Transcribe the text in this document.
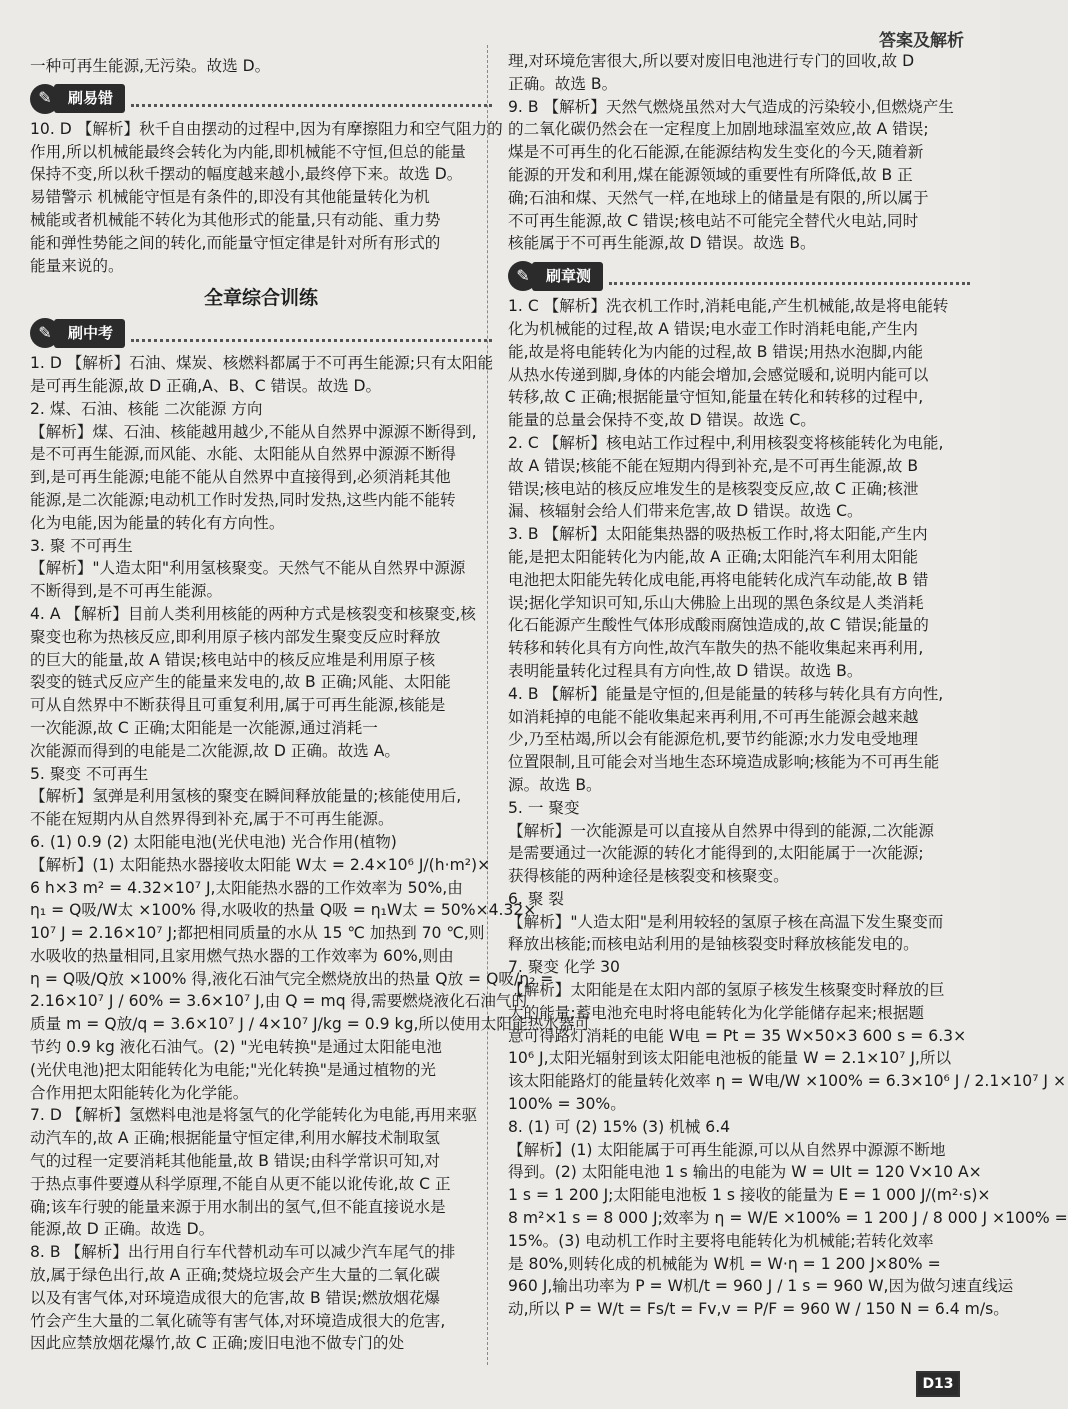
答案及解析
一种可再生能源,无污染。故选 D。
✎	刷易错
10. D 【解析】秋千自由摆动的过程中,因为有摩擦阻力和空气阻力的
作用,所以机械能最终会转化为内能,即机械能不守恒,但总的能量
保持不变,所以秋千摆动的幅度越来越小,最终停下来。故选 D。
易错警示 机械能守恒是有条件的,即没有其他能量转化为机
械能或者机械能不转化为其他形式的能量,只有动能、重力势
能和弹性势能之间的转化,而能量守恒定律是针对所有形式的
能量来说的。
全章综合训练
✎	刷中考
1. D 【解析】石油、煤炭、核燃料都属于不可再生能源;只有太阳能
是可再生能源,故 D 正确,A、B、C 错误。故选 D。
2. 煤、石油、核能 二次能源 方向
【解析】煤、石油、核能越用越少,不能从自然界中源源不断得到,
是不可再生能源,而风能、水能、太阳能从自然界中源源不断得
到,是可再生能源;电能不能从自然界中直接得到,必须消耗其他
能源,是二次能源;电动机工作时发热,同时发热,这些内能不能转
化为电能,因为能量的转化有方向性。
3. 聚 不可再生
【解析】"人造太阳"利用氢核聚变。天然气不能从自然界中源源
不断得到,是不可再生能源。
4. A 【解析】目前人类利用核能的两种方式是核裂变和核聚变,核
聚变也称为热核反应,即利用原子核内部发生聚变反应时释放
的巨大的能量,故 A 错误;核电站中的核反应堆是利用原子核
裂变的链式反应产生的能量来发电的,故 B 正确;风能、太阳能
可从自然界中不断获得且可重复利用,属于可再生能源,核能是
一次能源,故 C 正确;太阳能是一次能源,通过消耗一
次能源而得到的电能是二次能源,故 D 正确。故选 A。
5. 聚变 不可再生
【解析】氢弹是利用氢核的聚变在瞬间释放能量的;核能使用后,
不能在短期内从自然界得到补充,属于不可再生能源。
6. (1) 0.9 (2) 太阳能电池(光伏电池) 光合作用(植物)
【解析】(1) 太阳能热水器接收太阳能 W太 = 2.4×10⁶ J/(h·m²)×
6 h×3 m² = 4.32×10⁷ J,太阳能热水器的工作效率为 50%,由
η₁ = Q吸/W太 ×100% 得,水吸收的热量 Q吸 = η₁W太 = 50%×4.32×
10⁷ J = 2.16×10⁷ J;都把相同质量的水从 15 ℃ 加热到 70 ℃,则
水吸收的热量相同,且家用燃气热水器的工作效率为 60%,则由
η = Q吸/Q放 ×100% 得,液化石油气完全燃烧放出的热量 Q放 = Q吸/η₂ =
2.16×10⁷ J / 60% = 3.6×10⁷ J,由 Q = mq 得,需要燃烧液化石油气的
质量 m = Q放/q = 3.6×10⁷ J / 4×10⁷ J/kg = 0.9 kg,所以使用太阳能热水器可
节约 0.9 kg 液化石油气。(2) "光电转换"是通过太阳能电池
(光伏电池)把太阳能转化为电能;"光化转换"是通过植物的光
合作用把太阳能转化为化学能。
7. D 【解析】氢燃料电池是将氢气的化学能转化为电能,再用来驱
动汽车的,故 A 正确;根据能量守恒定律,利用水解技术制取氢
气的过程一定要消耗其他能量,故 B 错误;由科学常识可知,对
于热点事件要遵从科学原理,不能自从更不能以讹传讹,故 C 正
确;该车行驶的能量来源于用水制出的氢气,但不能直接说水是
能源,故 D 正确。故选 D。
8. B 【解析】出行用自行车代替机动车可以减少汽车尾气的排
放,属于绿色出行,故 A 正确;焚烧垃圾会产生大量的二氧化碳
以及有害气体,对环境造成很大的危害,故 B 错误;燃放烟花爆
竹会产生大量的二氧化硫等有害气体,对环境造成很大的危害,
因此应禁放烟花爆竹,故 C 正确;废旧电池不做专门的处
理,对环境危害很大,所以要对废旧电池进行专门的回收,故 D
正确。故选 B。
9. B 【解析】天然气燃烧虽然对大气造成的污染较小,但燃烧产生
的二氧化碳仍然会在一定程度上加剧地球温室效应,故 A 错误;
煤是不可再生的化石能源,在能源结构发生变化的今天,随着新
能源的开发和利用,煤在能源领域的重要性有所降低,故 B 正
确;石油和煤、天然气一样,在地球上的储量是有限的,所以属于
不可再生能源,故 C 错误;核电站不可能完全替代火电站,同时
核能属于不可再生能源,故 D 错误。故选 B。
✎	刷章测
1. C 【解析】洗衣机工作时,消耗电能,产生机械能,故是将电能转
化为机械能的过程,故 A 错误;电水壶工作时消耗电能,产生内
能,故是将电能转化为内能的过程,故 B 错误;用热水泡脚,内能
从热水传递到脚,身体的内能会增加,会感觉暖和,说明内能可以
转移,故 C 正确;根据能量守恒知,能量在转化和转移的过程中,
能量的总量会保持不变,故 D 错误。故选 C。
2. C 【解析】核电站工作过程中,利用核裂变将核能转化为电能,
故 A 错误;核能不能在短期内得到补充,是不可再生能源,故 B
错误;核电站的核反应堆发生的是核裂变反应,故 C 正确;核泄
漏、核辐射会给人们带来危害,故 D 错误。故选 C。
3. B 【解析】太阳能集热器的吸热板工作时,将太阳能,产生内
能,是把太阳能转化为内能,故 A 正确;太阳能汽车利用太阳能
电池把太阳能先转化成电能,再将电能转化成汽车动能,故 B 错
误;据化学知识可知,乐山大佛脸上出现的黑色条纹是人类消耗
化石能源产生酸性气体形成酸雨腐蚀造成的,故 C 错误;能量的
转移和转化具有方向性,故汽车散失的热不能收集起来再利用,
表明能量转化过程具有方向性,故 D 错误。故选 B。
4. B 【解析】能量是守恒的,但是能量的转移与转化具有方向性,
如消耗掉的电能不能收集起来再利用,不可再生能源会越来越
少,乃至枯竭,所以会有能源危机,要节约能源;水力发电受地理
位置限制,且可能会对当地生态环境造成影响;核能为不可再生能
源。故选 B。
5. 一 聚变
【解析】一次能源是可以直接从自然界中得到的能源,二次能源
是需要通过一次能源的转化才能得到的,太阳能属于一次能源;
获得核能的两种途径是核裂变和核聚变。
6. 聚 裂
【解析】"人造太阳"是利用较轻的氢原子核在高温下发生聚变而
释放出核能;而核电站利用的是铀核裂变时释放核能发电的。
7. 聚变 化学 30
【解析】太阳能是在太阳内部的氢原子核发生核聚变时释放的巨
大的能量;蓄电池充电时将电能转化为化学能储存起来;根据题
意可得路灯消耗的电能 W电 = Pt = 35 W×50×3 600 s = 6.3×
10⁶ J,太阳光辐射到该太阳能电池板的能量 W = 2.1×10⁷ J,所以
该太阳能路灯的能量转化效率 η = W电/W ×100% = 6.3×10⁶ J / 2.1×10⁷ J ×
100% = 30%。
8. (1) 可 (2) 15% (3) 机械 6.4
【解析】(1) 太阳能属于可再生能源,可以从自然界中源源不断地
得到。(2) 太阳能电池 1 s 输出的电能为 W = UIt = 120 V×10 A×
1 s = 1 200 J;太阳能电池板 1 s 接收的能量为 E = 1 000 J/(m²·s)×
8 m²×1 s = 8 000 J;效率为 η = W/E ×100% = 1 200 J / 8 000 J ×100% =
15%。(3) 电动机工作时主要将电能转化为机械能;若转化效率
是 80%,则转化成的机械能为 W机 = W·η = 1 200 J×80% =
960 J,输出功率为 P = W机/t = 960 J / 1 s = 960 W,因为做匀速直线运
动,所以 P = W/t = Fs/t = Fv,v = P/F = 960 W / 150 N = 6.4 m/s。
D13
